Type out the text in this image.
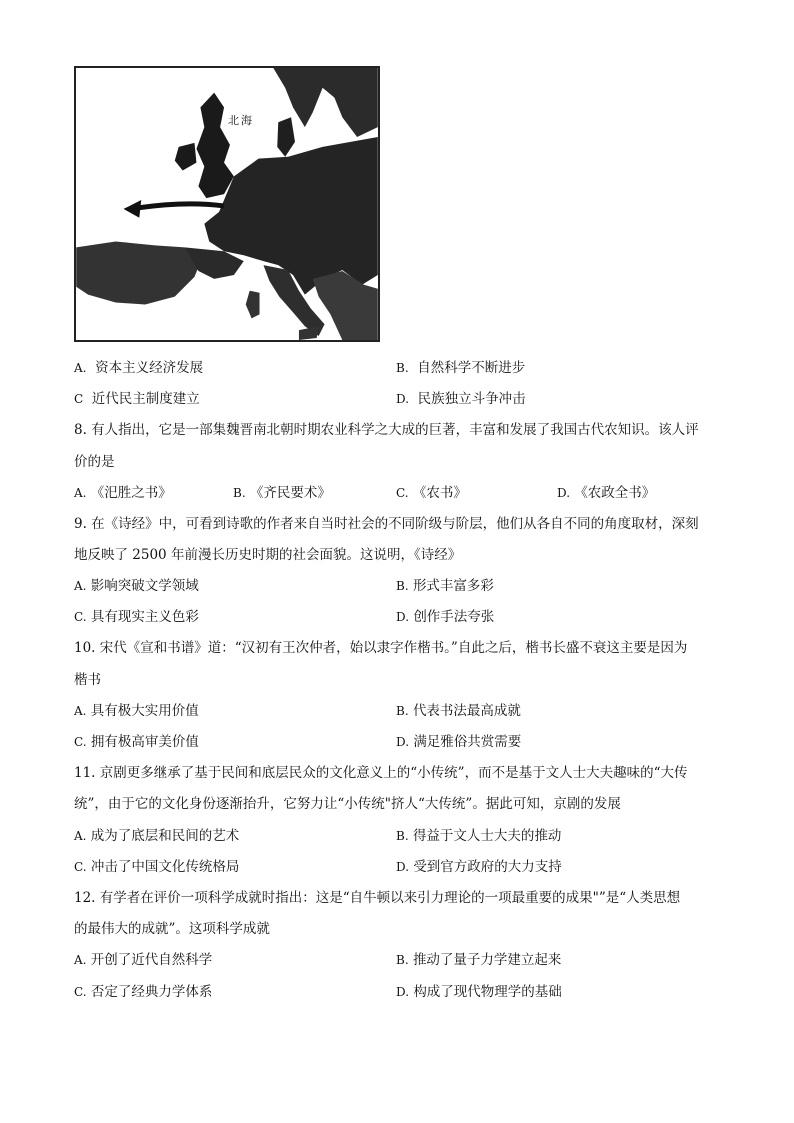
北海
A. 资本主义经济发展	B. 自然科学不断进步
C 近代民主制度建立	D. 民族独立斗争冲击
8. 有人指出，它是一部集魏晋南北朝时期农业科学之大成的巨著，丰富和发展了我国古代农知识。该人评
价的是
A. 《汜胜之书》	B. 《齐民要术》	C. 《农书》	D. 《农政全书》
9. 在《诗经》中，可看到诗歌的作者来自当时社会的不同阶级与阶层，他们从各自不同的角度取材，深刻
地反映了 2500 年前漫长历史时期的社会面貌。这说明，《诗经》
A. 影响突破文学领域	B. 形式丰富多彩
C. 具有现实主义色彩	D. 创作手法夸张
10. 宋代《宣和书谱》道：“汉初有王次仲者，始以隶字作楷书。”自此之后，楷书长盛不衰这主要是因为
楷书
A. 具有极大实用价值	B. 代表书法最高成就
C. 拥有极高审美价值	D. 满足雅俗共赏需要
11. 京剧更多继承了基于民间和底层民众的文化意义上的“小传统”，而不是基于文人士大夫趣味的“大传
统”，由于它的文化身份逐渐抬升，它努力让“小传统"挤人“大传统”。据此可知，京剧的发展
A. 成为了底层和民间的艺术	B. 得益于文人士大夫的推动
C. 冲击了中国文化传统格局	D. 受到官方政府的大力支持
12. 有学者在评价一项科学成就时指出：这是“自牛顿以来引力理论的一项最重要的成果"”是“人类思想
的最伟大的成就”。这项科学成就
A. 开创了近代自然科学	B. 推动了量子力学建立起来
C. 否定了经典力学体系	D. 构成了现代物理学的基础
